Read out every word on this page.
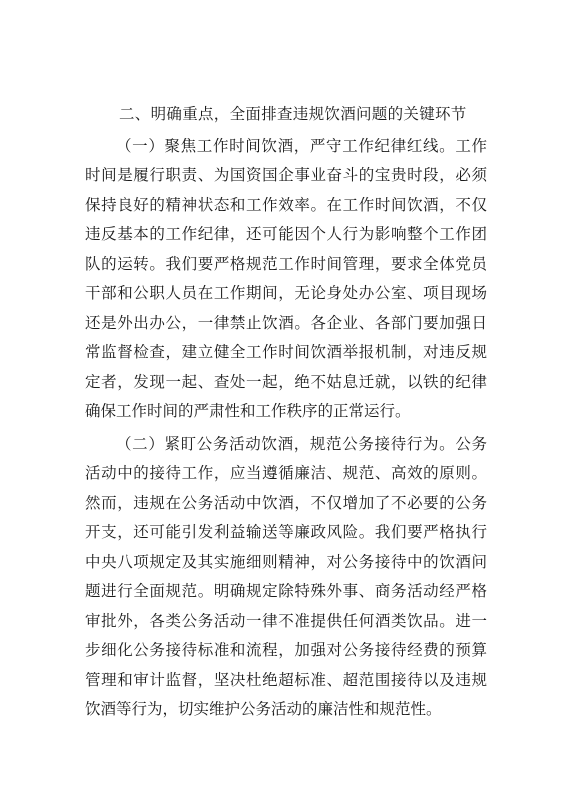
二、明确重点，全面排查违规饮酒问题的关键环节

（一）聚焦工作时间饮酒，严守工作纪律红线。工作时间是履行职责、为国资国企事业奋斗的宝贵时段，必须保持良好的精神状态和工作效率。在工作时间饮酒，不仅违反基本的工作纪律，还可能因个人行为影响整个工作团队的运转。我们要严格规范工作时间管理，要求全体党员干部和公职人员在工作期间，无论身处办公室、项目现场还是外出办公，一律禁止饮酒。各企业、各部门要加强日常监督检查，建立健全工作时间饮酒举报机制，对违反规定者，发现一起、查处一起，绝不姑息迁就，以铁的纪律确保工作时间的严肃性和工作秩序的正常运行。

（二）紧盯公务活动饮酒，规范公务接待行为。公务活动中的接待工作，应当遵循廉洁、规范、高效的原则。然而，违规在公务活动中饮酒，不仅增加了不必要的公务开支，还可能引发利益输送等廉政风险。我们要严格执行中央八项规定及其实施细则精神，对公务接待中的饮酒问题进行全面规范。明确规定除特殊外事、商务活动经严格审批外，各类公务活动一律不准提供任何酒类饮品。进一步细化公务接待标准和流程，加强对公务接待经费的预算管理和审计监督，坚决杜绝超标准、超范围接待以及违规饮酒等行为，切实维护公务活动的廉洁性和规范性。
